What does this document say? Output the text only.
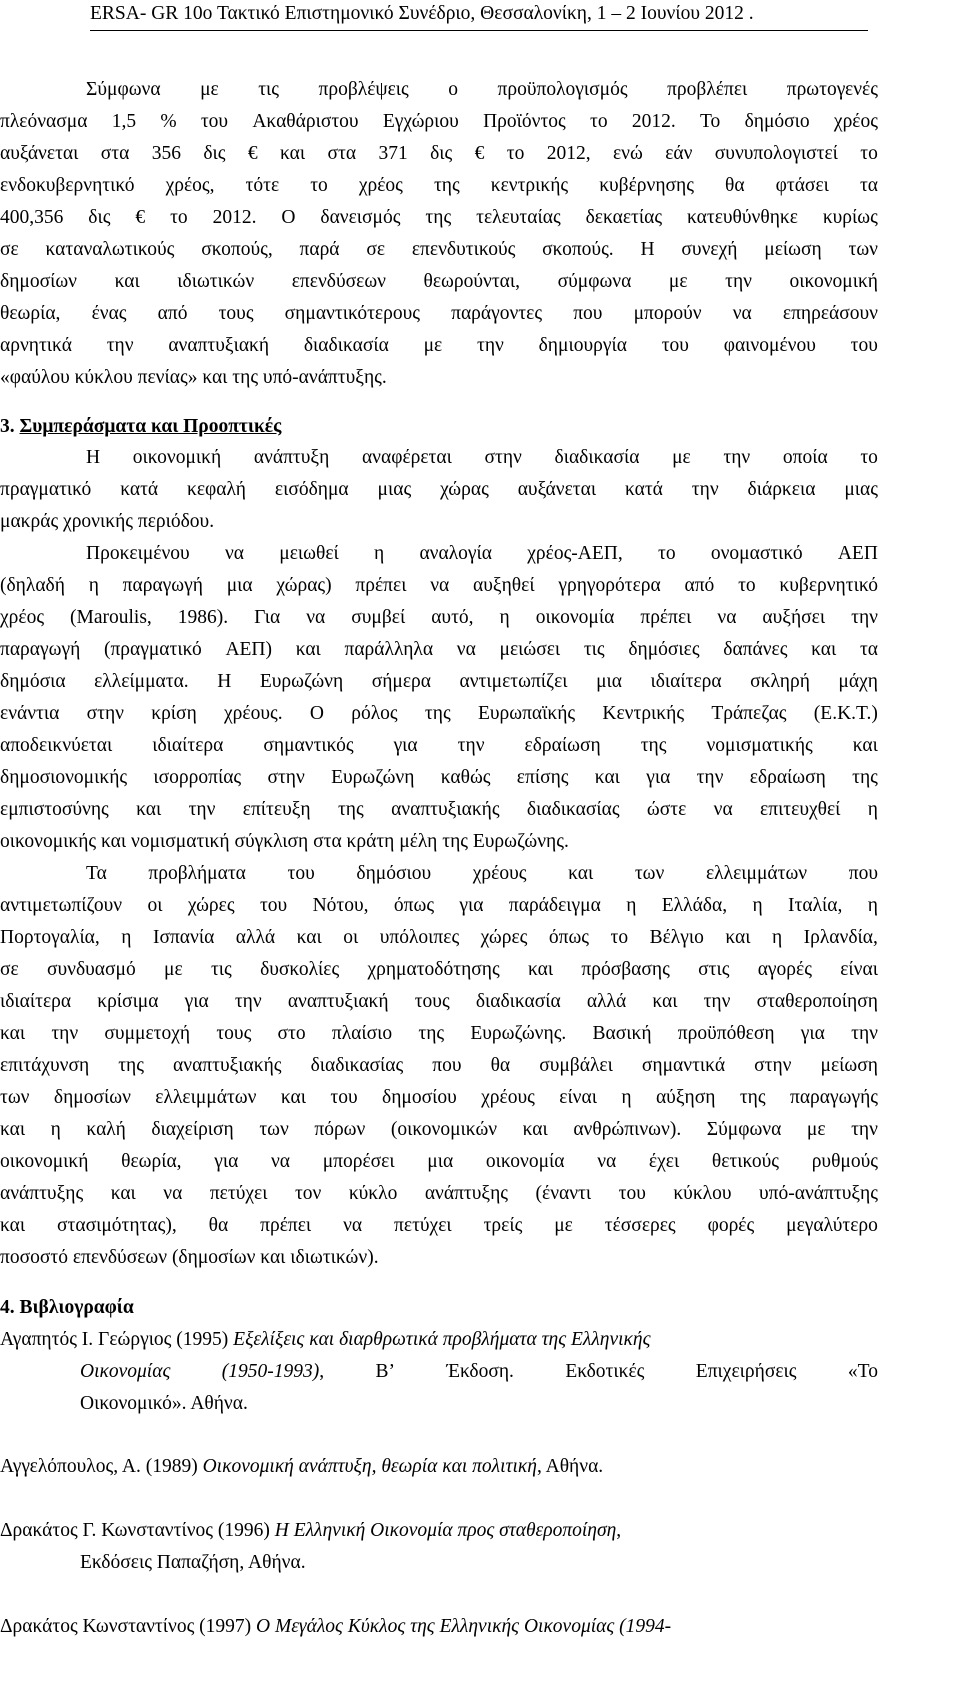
ERSA- GR 10ο Τακτικό Επιστημονικό Συνέδριο, Θεσσαλονίκη, 1 – 2 Ιουνίου 2012 .
Σύμφωνα με τις προβλέψεις ο προϋπολογισμός προβλέπει πρωτογενές
πλεόνασμα 1,5 % του Ακαθάριστου Εγχώριου Προϊόντος το 2012. Το δημόσιο χρέος
αυξάνεται στα 356 δις € και στα 371 δις € το 2012, ενώ εάν συνυπολογιστεί το
ενδοκυβερνητικό χρέος, τότε το χρέος της κεντρικής κυβέρνησης θα φτάσει τα
400,356 δις € το 2012. Ο δανεισμός της τελευταίας δεκαετίας κατευθύνθηκε κυρίως
σε καταναλωτικούς σκοπούς, παρά σε επενδυτικούς σκοπούς. Η συνεχή μείωση των
δημοσίων και ιδιωτικών επενδύσεων θεωρούνται, σύμφωνα με την οικονομική
θεωρία, ένας από τους σημαντικότερους παράγοντες που μπορούν να επηρεάσουν
αρνητικά την αναπτυξιακή διαδικασία με την δημιουργία του φαινομένου του
«φαύλου κύκλου πενίας» και της υπό-ανάπτυξης.
3. Συμπεράσματα και Προοπτικές
Η οικονομική ανάπτυξη αναφέρεται στην διαδικασία με την οποία το
πραγματικό κατά κεφαλή εισόδημα μιας χώρας αυξάνεται κατά την διάρκεια μιας
μακράς χρονικής περιόδου.
Προκειμένου να μειωθεί η αναλογία χρέος-ΑΕΠ, το ονομαστικό ΑΕΠ
(δηλαδή η παραγωγή μια χώρας) πρέπει να αυξηθεί γρηγορότερα από το κυβερνητικό
χρέος (Maroulis, 1986). Για να συμβεί αυτό, η οικονομία πρέπει να αυξήσει την
παραγωγή (πραγματικό ΑΕΠ) και παράλληλα να μειώσει τις δημόσιες δαπάνες και τα
δημόσια ελλείμματα. Η Ευρωζώνη σήμερα αντιμετωπίζει μια ιδιαίτερα σκληρή μάχη
ενάντια στην κρίση χρέους. Ο ρόλος της Ευρωπαϊκής Κεντρικής Τράπεζας (Ε.Κ.Τ.)
αποδεικνύεται ιδιαίτερα σημαντικός για την εδραίωση της νομισματικής και
δημοσιονομικής ισορροπίας στην Ευρωζώνη καθώς επίσης και για την εδραίωση της
εμπιστοσύνης και την επίτευξη της αναπτυξιακής διαδικασίας ώστε να επιτευχθεί η
οικονομικής και νομισματική σύγκλιση στα κράτη μέλη της Ευρωζώνης.
Τα προβλήματα του δημόσιου χρέους και των ελλειμμάτων που
αντιμετωπίζουν οι χώρες του Νότου, όπως για παράδειγμα η Ελλάδα, η Ιταλία, η
Πορτογαλία, η Ισπανία αλλά και οι υπόλοιπες χώρες όπως το Βέλγιο και η Ιρλανδία,
σε συνδυασμό με τις δυσκολίες χρηματοδότησης και πρόσβασης στις αγορές είναι
ιδιαίτερα κρίσιμα για την αναπτυξιακή τους διαδικασία αλλά και την σταθεροποίηση
και την συμμετοχή τους στο πλαίσιο της Ευρωζώνης. Βασική προϋπόθεση για την
επιτάχυνση της αναπτυξιακής διαδικασίας που θα συμβάλει σημαντικά στην μείωση
των δημοσίων ελλειμμάτων και του δημοσίου χρέους είναι η αύξηση της παραγωγής
και η καλή διαχείριση των πόρων (οικονομικών και ανθρώπινων). Σύμφωνα με την
οικονομική θεωρία, για να μπορέσει μια οικονομία να έχει θετικούς ρυθμούς
ανάπτυξης και να πετύχει τον κύκλο ανάπτυξης (έναντι του κύκλου υπό-ανάπτυξης
και στασιμότητας), θα πρέπει να πετύχει τρείς με τέσσερες φορές μεγαλύτερο
ποσοστό επενδύσεων (δημοσίων και ιδιωτικών).
4. Βιβλιογραφία
Αγαπητός Ι. Γεώργιος (1995) Εξελίξεις και διαρθρωτικά προβλήματα της Ελληνικής
Οικονομίας	(1950-1993),	Β’	Έκδοση.	Εκδοτικές	Επιχειρήσεις	«Το
Οικονομικό». Αθήνα.
Αγγελόπουλος, Α. (1989) Οικονομική ανάπτυξη, θεωρία και πολιτική, Αθήνα.
Δρακάτος Γ. Κωνσταντίνος (1996) Η Ελληνική Οικονομία προς σταθεροποίηση,
Εκδόσεις Παπαζήση, Αθήνα.
Δρακάτος Κωνσταντίνος (1997) Ο Μεγάλος Κύκλος της Ελληνικής Οικονομίας (1994-
